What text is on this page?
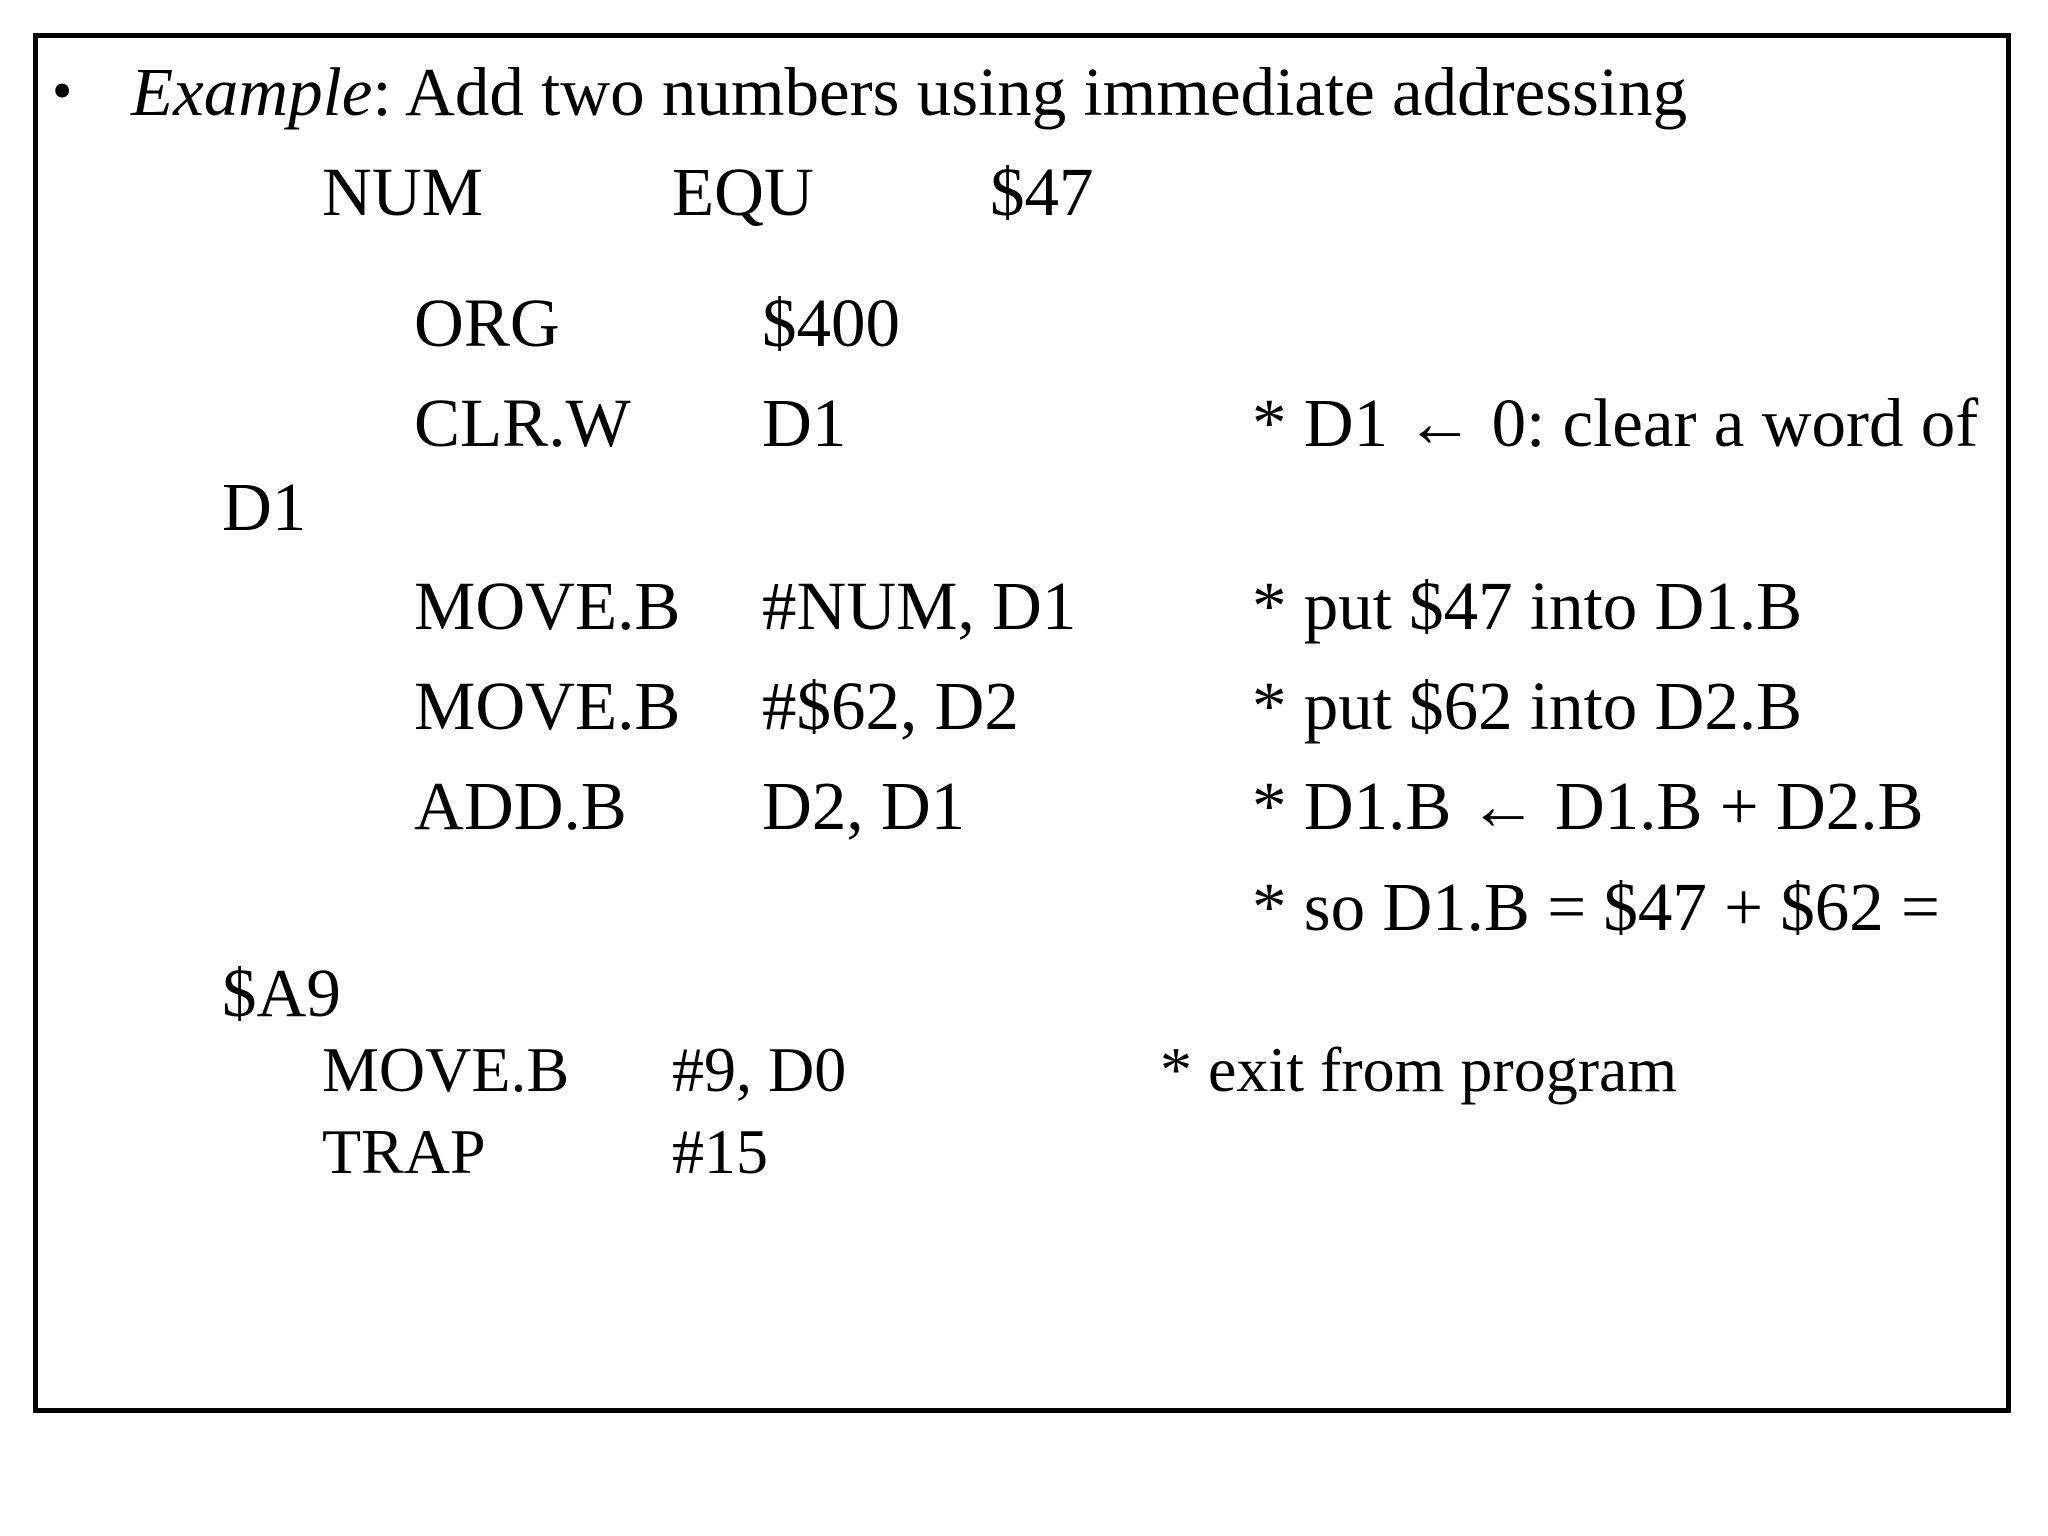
• Example: Add two numbers using immediate addressing
NUM	EQU	$47
ORG	$400
CLR.W D1	* D1 ← 0: clear a word of
D1
MOVE.B #NUM, D1	* put $47 into D1.B
MOVE.B #$62, D2	* put $62 into D2.B
ADD.B D2, D1	* D1.B ← D1.B + D2.B
* so D1.B = $47 + $62 =
$A9
MOVE.B #9, D0	* exit from program
TRAP	#15
